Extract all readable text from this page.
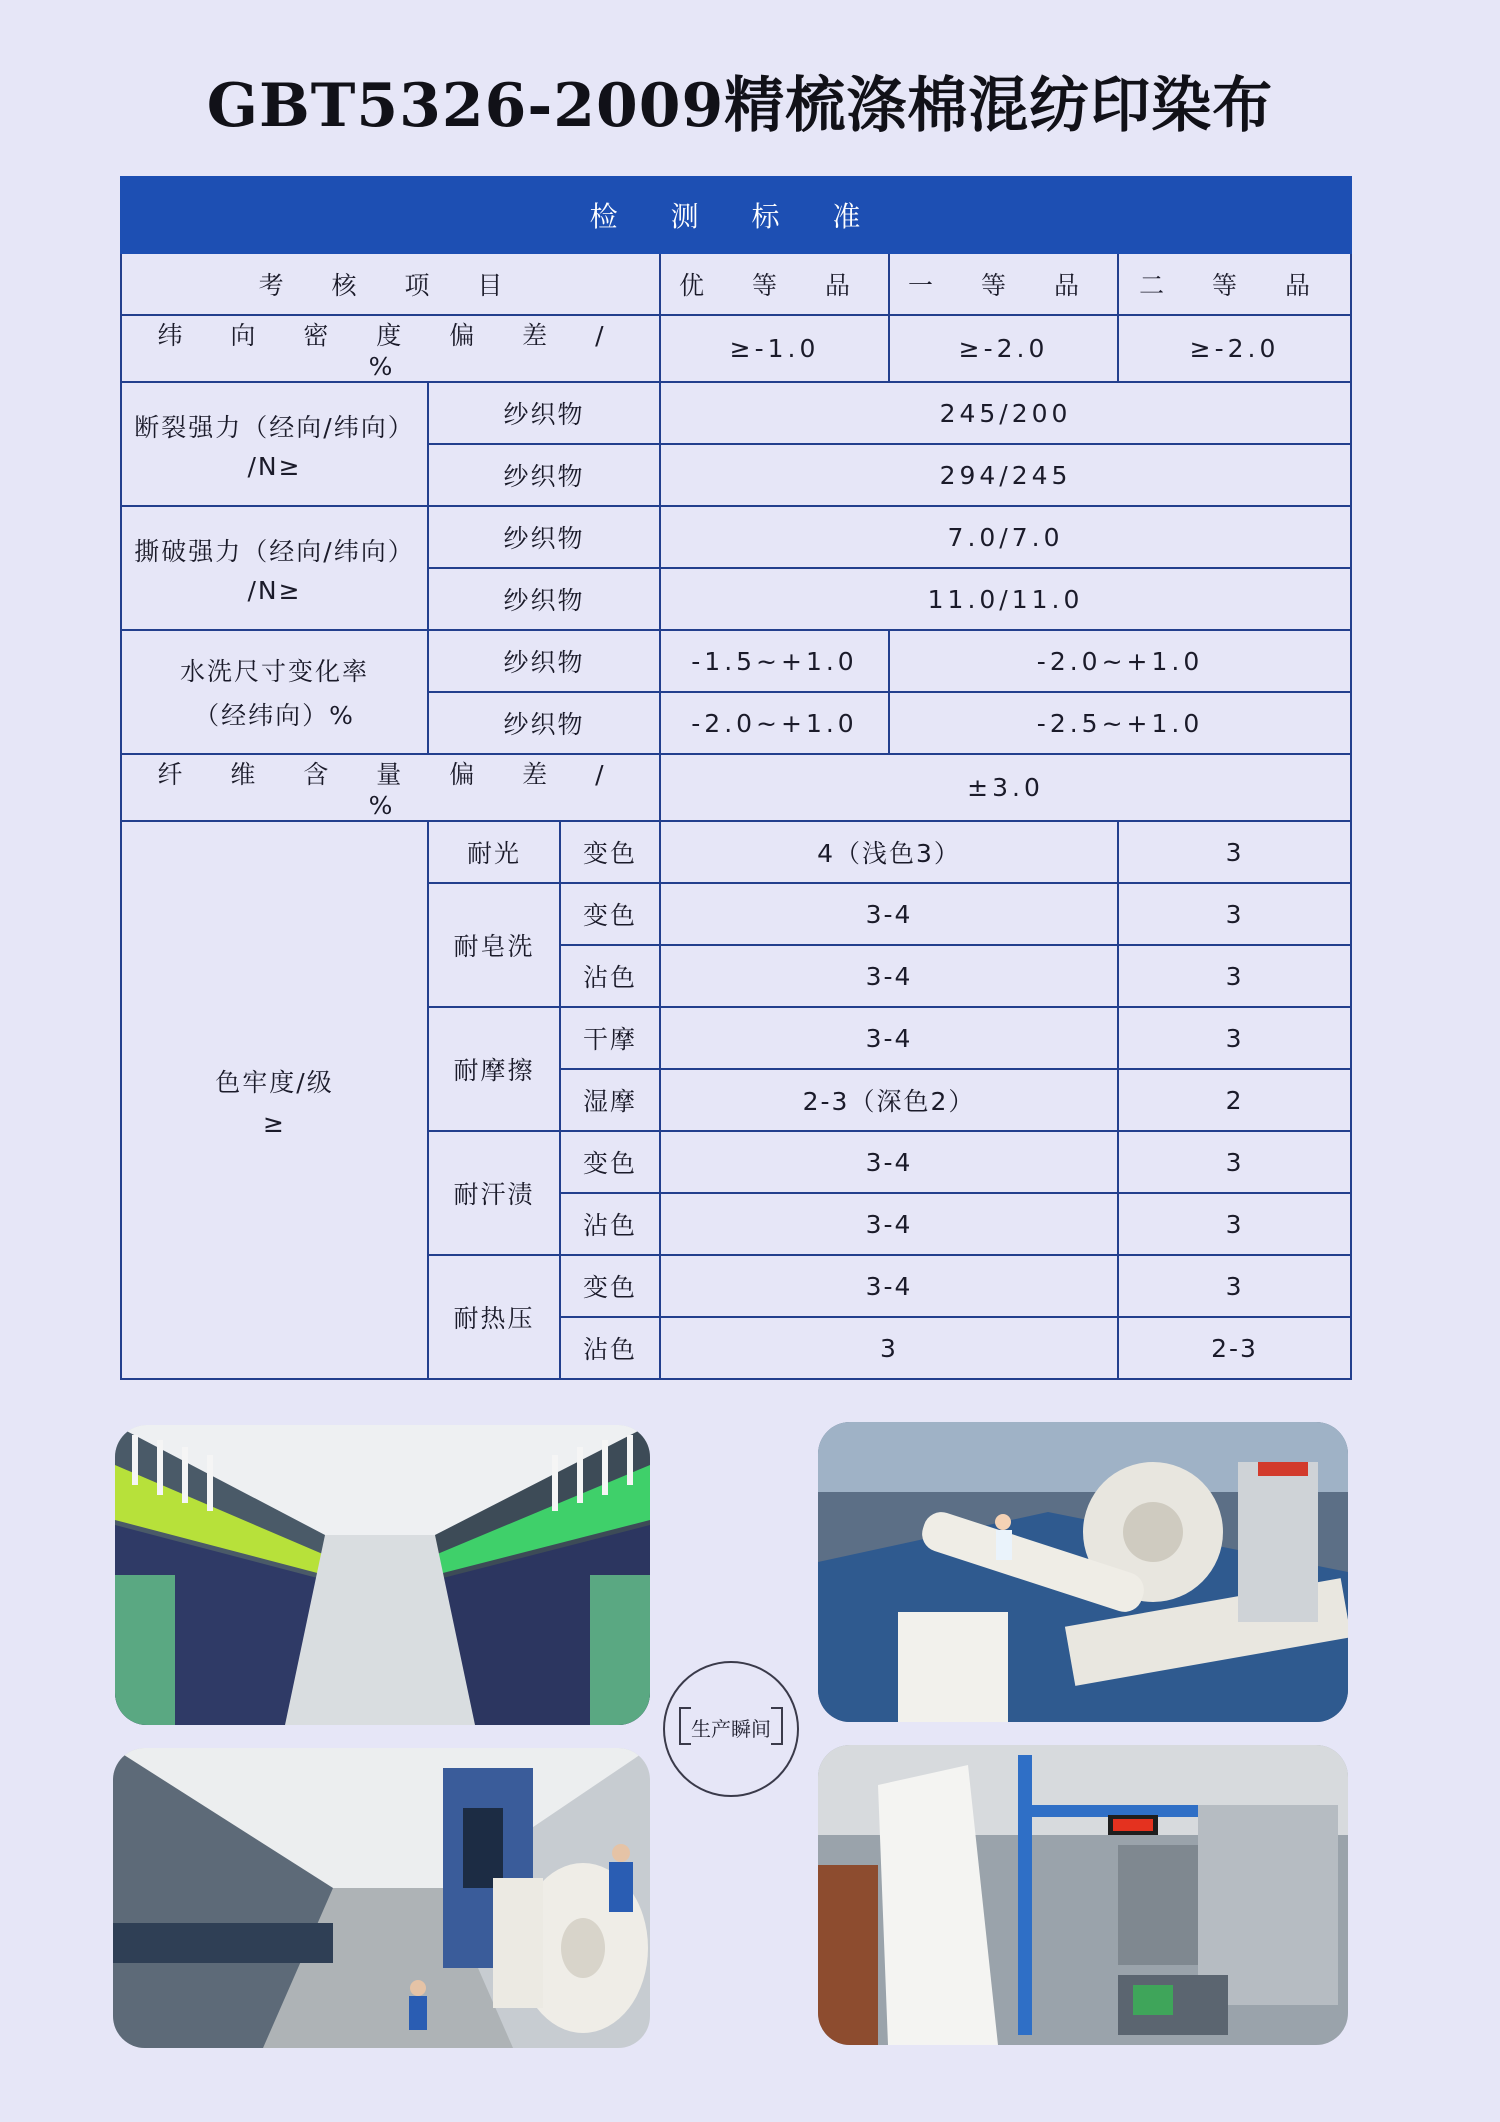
GBT5326-2009精梳涤棉混纺印染布
检 测 标 准					
考 核 项 目			优 等 品	一 等 品	二 等 品
纬 向 密 度 偏 差 / %			≥-1.0	≥-2.0	≥-2.0

断裂强力（经向/纬向）
/N≥	纱织物		245/200		
	纱织物		294/245		

撕破强力（经向/纬向）
/N≥	纱织物		7.0/7.0		
	纱织物		11.0/11.0		

水洗尺寸变化率
（经纬向）%	纱织物		-1.5~+1.0	-2.0~+1.0	
	纱织物		-2.0~+1.0	-2.5~+1.0	
纤 维 含 量 偏 差 / %			±3.0		

色牢度/级
≥	耐光	变色	4（浅色3）		3
	耐皂洗	变色	3-4		3
		沾色	3-4		3
	耐摩擦	干摩	3-4		3
		湿摩	2-3（深色2）		2
	耐汗渍	变色	3-4		3
		沾色	3-4		3
	耐热压	变色	3-4		3
		沾色	3		2-3
生产瞬间
